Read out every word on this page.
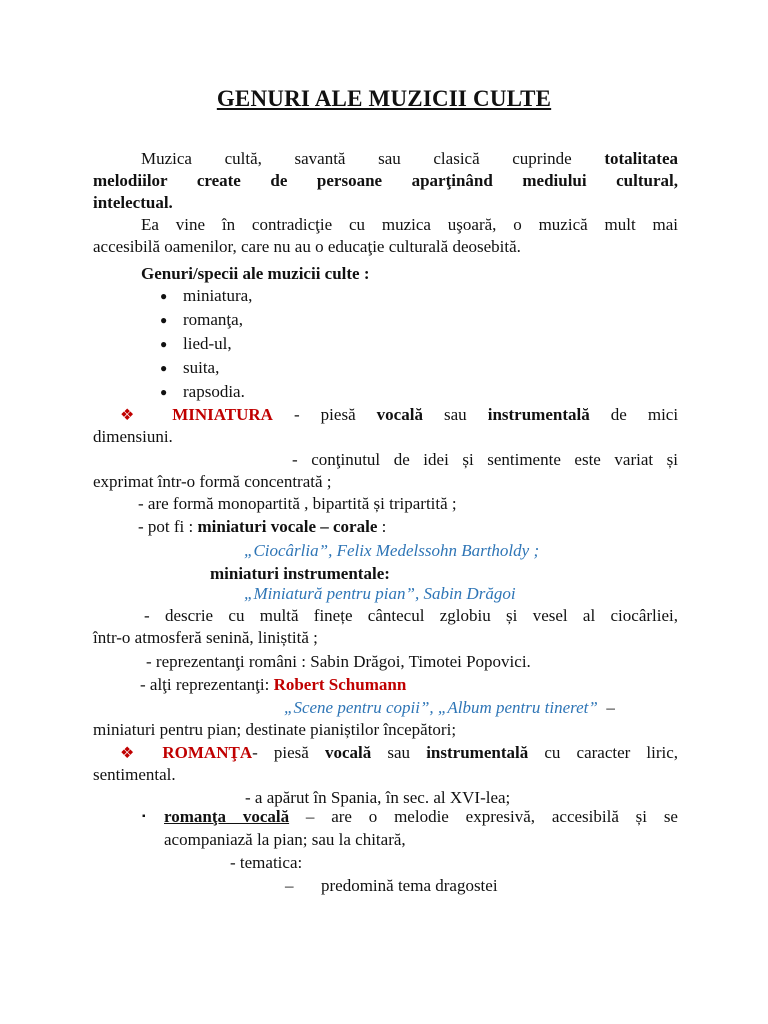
GENURI ALE MUZICII CULTE
Muzica cultă, savantă sau clasică cuprinde totalitatea
melodiilor create de persoane aparţinând mediului cultural,
intelectual.
Ea vine în contradicţie cu muzica uşoară, o muzică mult mai
accesibilă oamenilor, care nu au o educaţie culturală deosebită.
Genuri/specii ale muzicii culte :
● miniatura,
● romanţa,
● lied-ul,
● suita,
● rapsodia.
❖ MINIATURA - piesă vocală sau instrumentală de mici
dimensiuni.
- conţinutul de idei și sentimente este variat și
exprimat într-o formă concentrată ;
- are formă monopartită , bipartită și tripartită ;
- pot fi : miniaturi vocale – corale :
„Ciocârlia”, Felix Medelssohn Bartholdy ;
miniaturi instrumentale:
„Miniatură pentru pian”, Sabin Drăgoi
- descrie cu multă finețe cântecul zglobiu și vesel al ciocârliei,
într-o atmosferă senină, liniștită ;
- reprezentanţi români : Sabin Drăgoi, Timotei Popovici.
- alţi reprezentanţi: Robert Schumann
„Scene pentru copii”, „Album pentru tineret” –
miniaturi pentru pian; destinate pianiștilor începători;
❖ ROMANŢA- piesă vocală sau instrumentală cu caracter liric,
sentimental.
- a apărut în Spania, în sec. al XVI-lea;
▪ romanţa vocală – are o melodie expresivă, accesibilă și se
acompaniază la pian; sau la chitară,
- tematica:
– predomină tema dragostei
